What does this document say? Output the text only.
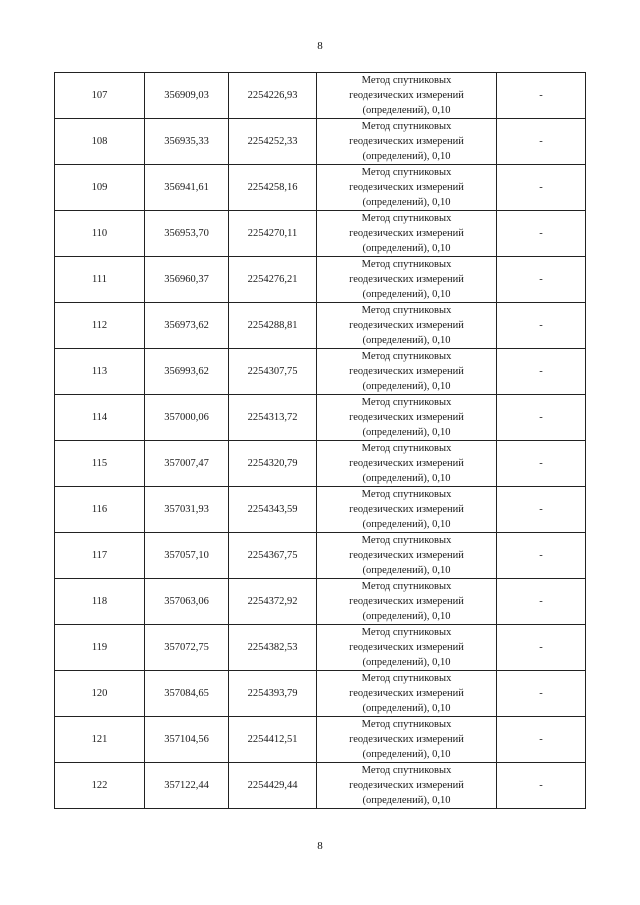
8
107	356909,03	2254226,93	Метод спутниковых
геодезических измерений
(определений), 0,10	-
108	356935,33	2254252,33	Метод спутниковых
геодезических измерений
(определений), 0,10	-
109	356941,61	2254258,16	Метод спутниковых
геодезических измерений
(определений), 0,10	-
110	356953,70	2254270,11	Метод спутниковых
геодезических измерений
(определений), 0,10	-
111	356960,37	2254276,21	Метод спутниковых
геодезических измерений
(определений), 0,10	-
112	356973,62	2254288,81	Метод спутниковых
геодезических измерений
(определений), 0,10	-
113	356993,62	2254307,75	Метод спутниковых
геодезических измерений
(определений), 0,10	-
114	357000,06	2254313,72	Метод спутниковых
геодезических измерений
(определений), 0,10	-
115	357007,47	2254320,79	Метод спутниковых
геодезических измерений
(определений), 0,10	-
116	357031,93	2254343,59	Метод спутниковых
геодезических измерений
(определений), 0,10	-
117	357057,10	2254367,75	Метод спутниковых
геодезических измерений
(определений), 0,10	-
118	357063,06	2254372,92	Метод спутниковых
геодезических измерений
(определений), 0,10	-
119	357072,75	2254382,53	Метод спутниковых
геодезических измерений
(определений), 0,10	-
120	357084,65	2254393,79	Метод спутниковых
геодезических измерений
(определений), 0,10	-
121	357104,56	2254412,51	Метод спутниковых
геодезических измерений
(определений), 0,10	-
122	357122,44	2254429,44	Метод спутниковых
геодезических измерений
(определений), 0,10	-
8
